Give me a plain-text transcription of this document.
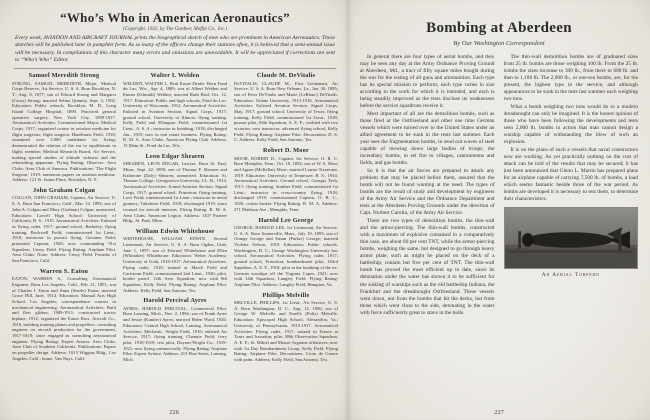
“Who’s Who in American Aeronautics”
(Copyright, 1922, by The Gardner, Moffat Co., Inc.)

Every week, AVIATION AND AIRCRAFT JOURNAL prints the biographical sketch of men who are prominent in American Aeronautics. These sketches will be published later in pamphlet form. As so many of the officers change their stations often, it is believed that a semi-annual issue will be necessary. In compilations of this character many errors and omissions are unavoidable. It will be appreciated if corrections are sent to “Who’s Who” Editor.

Samuel Meredith Strong

STRONG, SAMUEL MEREDITH, Major, Medical Corps Reserve, Air Service, U. S. A. Born Brooklyn, N. Y., Aug. 8, 1877; son of Edward Strong and Margaret (Gross) Strong; married Selma Quimby, Sept. 3, 1902. Education: Public schools, Brooklyn; M. D., Long Island College Hospital, 1899. Practiced general operative surgery, New York City, 1899-1917. Aeronautical Activities: Commissioned Major, Medical Corps, 1917; organized course in aviation medicine for flight surgeons; flight surgeon, Hazelhurst Field, 1918; examined over 3,000 candidates for flying; demonstrated the relation of the ear to equilibrium in flight; member, Medical Research Board, Air Service, making special studies of altitude sickness and the rebreathing apparatus. Flying Rating: Observer. Aero Clubs: Aero Club of America. Publications: 'The Flight Surgeon,' 1919; numerous papers on aviation medicine. Address: 121 St. James Place, Brooklyn, N. Y.

John Graham Colgan

COLGAN, JOHN GRAHAM, Captain, Air Service, U. S. A. Born San Francisco, Calif., Mar. 14, 1893; son of John A. Colgan and Mary (Graham) Colgan; unmarried. Education: Lowell High School; University of California, B. S., 1915. Aeronautical Activities: Enlisted as flying cadet, 1917; ground school, Berkeley; flying training, Rockwell Field; commissioned 1st Lieut., 1918; instructor in pursuit flying, Gerstner Field; promoted Captain, 1920; now commanding 91st Squadron, Crissy Field. Flying Rating: Airplane Pilot. Aero Clubs: None. Address: Crissy Field, Presidio of San Francisco, Calif.

Warren S. Eaton

EATON, WARREN S., Consulting Aeronautical Engineer. Born Los Angeles, Calif., Feb. 21, 1891; son of Charles I. Eaton and Anna (Searle) Eaton; married Grace Hill, June, 1914. Education: Manual Arts High School, Los Angeles; correspondence courses in mechanical engineering. Aeronautical Activities: Built and flew gliders, 1909-1911; constructed tractor biplane, 1912; organized the Eaton Bros. Aircraft Co., 1916, building training planes and propellers; consulting engineer on aircraft production for the government, 1917-1919; since engaged as consulting aeronautical engineer. Flying Rating: Expert Aviator. Aero Clubs: Aero Club of Southern California. Publications: Papers on propeller design. Address: 1013 Wiggins Bldg., Los Angeles, Calif.; home, Van Nuys, Calif.

Walter I. Welden

WELDEN, WALTER I., Real Estate Dealer. Born Fond du Lac, Wis., Apr. 4, 1889; son of Albert Welden and Emma (Schmidt) Welden; married Ruth Bird, Oct. 12, 1917. Education: Public and high schools, Fond du Lac; University of Wisconsin, 1912. Aeronautical Activities: Enlisted in Aviation Section, Signal Corps, 1917; ground school, University of Illinois; flying training, Kelly Field and Ellington Field; commissioned 1st Lieut., A. S. A.; instructor in bombing, 1918; discharged Jan., 1919; now in real estate business. Flying Rating: R. M. A. Aero Clubs: American Flying Club. Address: 15 Main St., Fond du Lac, Wis.

Leon Edgar Shearen

SHEAREN, LEON EDGAR, Lawyer. Born St. Paul, Minn., Sept. 22, 1890; son of Thomas F. Shearen and Katherine (Daly) Shearen; unmarried. Education: St. Thomas College; Georgetown University, LL. B., 1914. Aeronautical Activities: Joined Aviation Section, Signal Corps, 1917; ground school, Princeton; flying training, Love Field; commissioned 1st Lieut.; instructor in aerial gunnery, Taliaferro Field, 1918; discharged 1919; since counsel for aircraft interests. Flying Rating: R. M. A. Aero Clubs: American Legion. Address: 1107 Pioneer Bldg., St. Paul, Minn.

William Edwin Whitehouse

WHITEHOUSE, WILLIAM EDWIN, Second Lieutenant, Air Service, U. S. A. Born Ogden, Utah, June 1, 1897; son of Edward Whitehouse and Ellen (Whittaker) Whitehouse. Education: Weber Academy; University of Utah, 1916-1917. Aeronautical Activities: Flying cadet, 1918; trained at March Field and Carlstrom Field; commissioned 2nd Lieut., 1920; pilot, border patrol, 12th Aero Squadron; now with 8th Squadron, Kelly Field. Flying Rating: Airplane Pilot. Address: Kelly Field, San Antonio, Tex.

Harold Percival Ayres

AYRES, HAROLD PERCIVAL, Commercial Pilot. Born Lansing, Mich., Nov. 2, 1894; son of Frank Ayres and Jessie (Kumler) Ayres; married Helen Ward, 1920. Education: Central High School, Lansing. Aeronautical Activities: Mechanic, Wright Field, 1916; enlisted Air Service, 1917; flying training, Chanute Field; ferry pilot, 1918-1919; test pilot, Dayton-Wright Co., 1919-1921; now flying commercially. Flying Rating: Airplane Pilot; Expert Aviator. Address: 215 Pine Street, Lansing, Mich.

Claude M. DeVitalis

DeVITALIS, CLAUDE M., First Lieutenant, Air Service, U. S. A. Born New Orleans, La., Jan. 30, 1895; son of Peter DeVitalis and Marie (LeBlanc) DeVitalis. Education: Tulane University, 1913-1916. Aeronautical Activities: Enlisted Aviation Section, Signal Corps, May, 1917; ground school, University of Texas; flying training, Kelly Field; commissioned 1st Lieut., 1918; pursuit pilot, 94th Squadron, A. E. F.; credited with two victories; now instructor, advanced flying school, Kelly Field. Flying Rating: Airplane Pilot. Decorations: D. S. C. Address: Kelly Field, San Antonio, Tex.

Robert D. Moor

MOOR, ROBERT D., Captain, Air Service, O. R. C. Born Memphis, Tenn., Oct. 10, 1892; son of W. S. Moor and Agnes (McKellar) Moor; married Louise Trezevant, 1919. Education: University of Tennessee, B. S., 1914. Aeronautical Activities: Ground school, Georgia Tech, 1917; flying training, Souther Field; commissioned 1st Lieut.; instructor in cross-country flying, 1918; discharged 1919; commissioned Captain, O. R. C., 1920; cotton broker. Flying Rating: R. M. A. Address: 271 Madison Ave., Memphis, Tenn.

Harold Lee George

GEORGE, HAROLD LEE, 1st Lieutenant, Air Service, U. S. A. Born Somerville, Mass., July 19, 1893; son of Orange George and Susan (Parker) George; married Violette Nelson, 1919. Education: Public schools, Washington, D. C.; George Washington University law school. Aeronautical Activities: Flying cadet, 1917; ground school, Princeton; bombardment pilot, 163rd Squadron, A. E. F., 1918; pilot in the bombing of the ex-German warships off the Virginia Capes, 1921; now with 14th Squadron, Langley Field. Flying Rating: Airplane Pilot. Address: Langley Field, Hampton, Va.

Phillips Melville

MELVILLE, PHILLIPS, 1st Lieut., Air Service, U. S. A. Born Washington, D. C., Aug. 12, 1896; son of George W. Melville and Estelle (Polis) Melville. Education: Episcopal High School, Alexandria, Va.; University of Pennsylvania, 1915-1917. Aeronautical Activities: Flying cadet, 1917; trained in France at Tours and Issoudun; pilot, 88th Observation Squadron, A. E. F.; St. Mihiel and Meuse-Argonne offensives; now with 1st Day Bombardment Group, Kelly Field. Flying Rating: Airplane Pilot. Decorations: Croix de Guerre with palm. Address: Kelly Field, San Antonio, Tex.

226
Bombing at Aberdeen
By Our Washington Correspondent

In general there are four types of aerial bombs, and they may be seen any day at the Army Ordnance Proving Ground at Aberdeen, Md., a tract of fifty square miles bought during the war for the testing of all guns and ammunition. Each type has its special mission to perform; each type varies in size according to the work for which it is intended, and each is being steadily improved as the tests disclose its weaknesses before the service squadrons receive it.

Most important of all are the demolition bombs, such as those fired at the Ostfriesland and other one time German vessels which were turned over to the United States under an allied agreement to be sunk in the tests last summer. Each year sees the fragmentation bombs, to send out waves of steel capable of mowing down large bodies of troops; the incendiary bombs, to set fire to villages, cantonments and fields, and gas bombs.

So it is that the air forces are prepared to attack any problem that may be placed before them, assured that the bomb will not be found wanting at the need. The types of bombs are the result of study and development by engineers of the Army Air Service and the Ordnance Department and tests at the Aberdeen Proving Grounds under the direction of Capt. Norbert Carolin, of the Army Air Service.

There are two types of demolition bombs, the thin-wall and the armor-piercing. The thin-wall bombs, constructed with a maximum of explosive contained in a comparatively thin case, are about 60 per cent TNT, while the armor-piercing bombs, weighing the same, but designed to go through heavy armor plate, such as might be placed on the deck of a battleship, contain but five per cent of TNT. The thin-wall bomb has proved the most efficient up to date, since its detonation under the water has shown it to be sufficient for the sinking of warships such as the old battleship Indiana, the Frankfurt and the dreadnought Ostfriesland. These vessels went down, not from the bombs that hit the decks, but from those which went close to the side, detonating in the water with force sufficiently great to stave in the hulls.

The thin-wall demolition bombs are of graduated sizes from 25 lb. bombs are those weighing 100 lb. From the 25 lb. bombs the sizes increase to 300 lb., from there to 600 lb. and then to 1,100 lb. The 2,000 lb., or one-ton bombs, are, for the present, the highest type in the service, and although appearances to be sunk in the tests last summer each weighing two tons.

What a bomb weighing two tons would do to a modern dreadnought can only be imagined. It is the honest opinion of those who have been following the developments and tests seen 2,000 lb. bombs in action that man cannot design a warship capable of withstanding the blow of such an explosion.

It is on the plans of such a vessels that naval constructors now are working. As yet practically nothing on the cost of attack can be told of the results that may be secured; it has just been announced that Glenn L. Martin has prepared plans for an airplane capable of carrying 7,500 lb. of bombs, a load which seems fantastic beside those of the war period. As bombs are developed it is necessary to test them, to determine their characteristics.

An Aerial Torpedo
227
